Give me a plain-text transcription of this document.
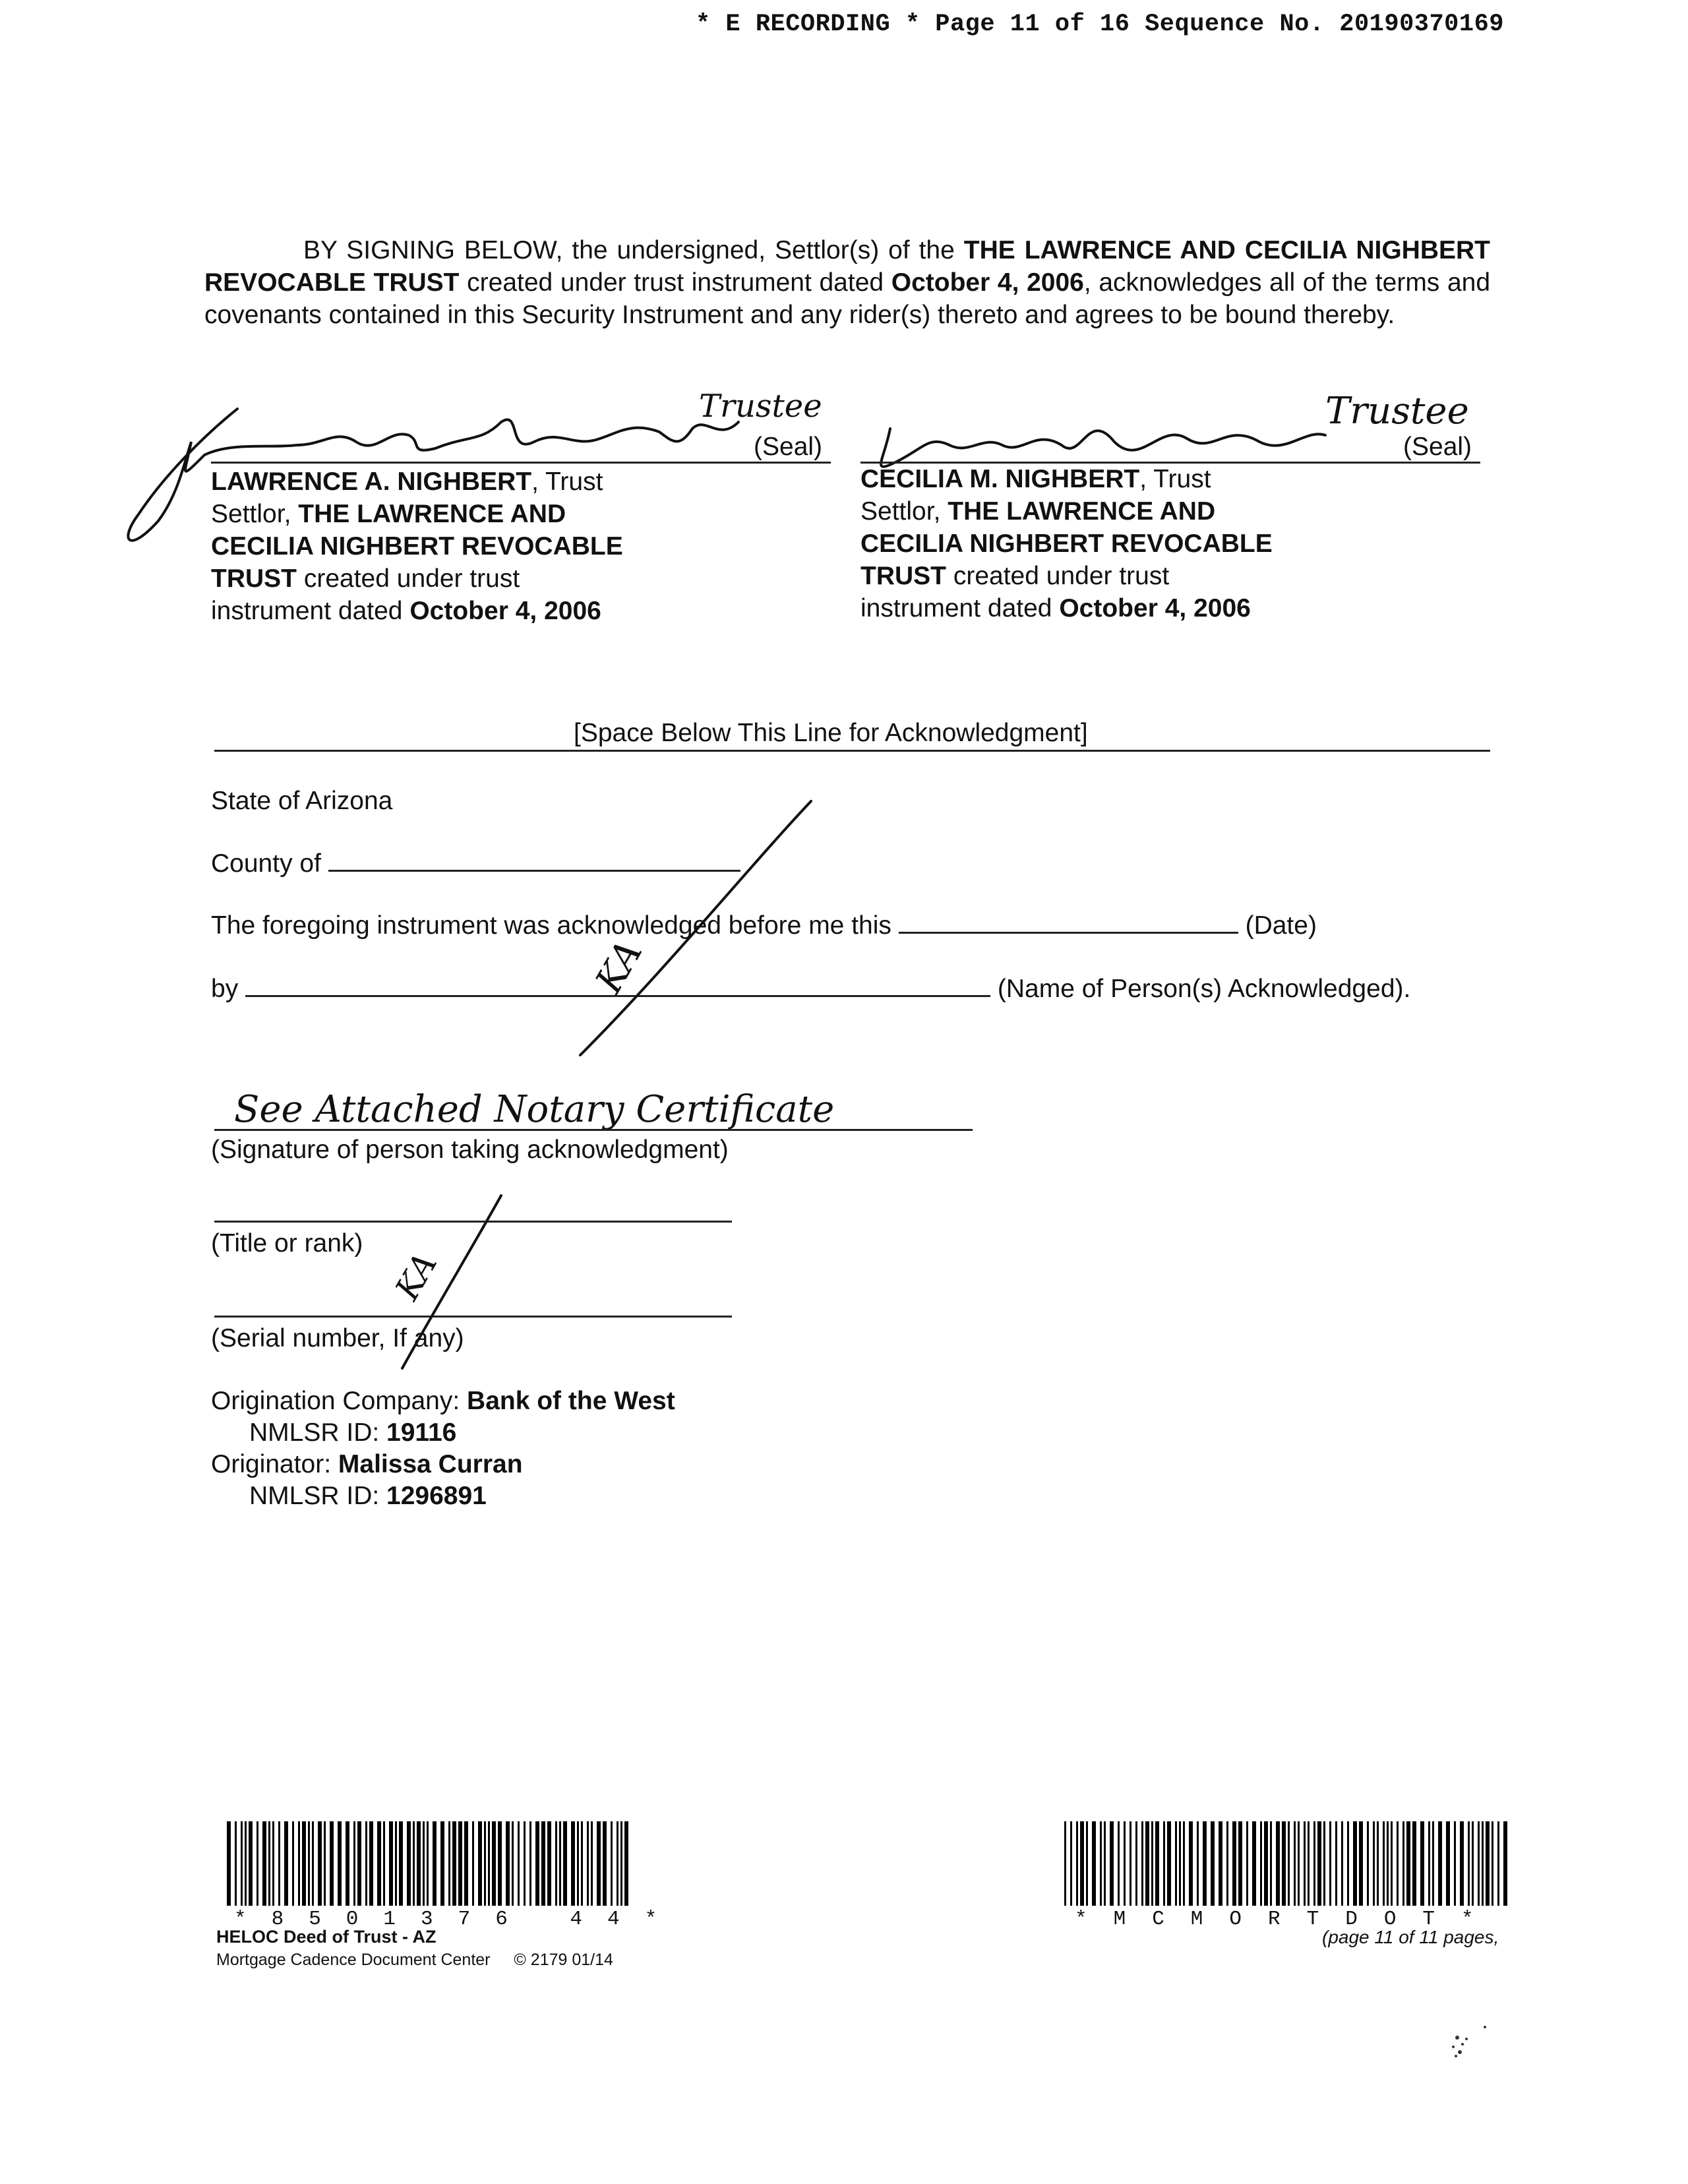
* E RECORDING * Page 11 of 16 Sequence No. 20190370169
BY SIGNING BELOW, the undersigned, Settlor(s) of the THE LAWRENCE AND CECILIA NIGHBERT REVOCABLE TRUST created under trust instrument dated October 4, 2006, acknowledges all of the terms and covenants contained in this Security Instrument and any rider(s) thereto and agrees to be bound thereby.
Trustee	Trustee
(Seal)	(Seal)
LAWRENCE A. NIGHBERT, Trust
Settlor, THE LAWRENCE AND
CECILIA NIGHBERT REVOCABLE
TRUST created under trust
instrument dated October 4, 2006
CECILIA M. NIGHBERT, Trust
Settlor, THE LAWRENCE AND
CECILIA NIGHBERT REVOCABLE
TRUST created under trust
instrument dated October 4, 2006
[Space Below This Line for Acknowledgment]
State of Arizona
County of
The foregoing instrument was acknowledged before me this	(Date)
by	(Name of Person(s) Acknowledged).
KA
See Attached Notary Certificate
(Signature of person taking acknowledgment)
(Title or rank)
(Serial number, If any)
KA
Origination Company: Bank of the West
NMLSR ID: 19116
Originator: Malissa Curran
NMLSR ID: 1296891
*8501376 44*
HELOC Deed of Trust - AZ
Mortgage Cadence Document Center © 2179 01/14
*MCMORTDOT*
(page 11 of 11 pages,
